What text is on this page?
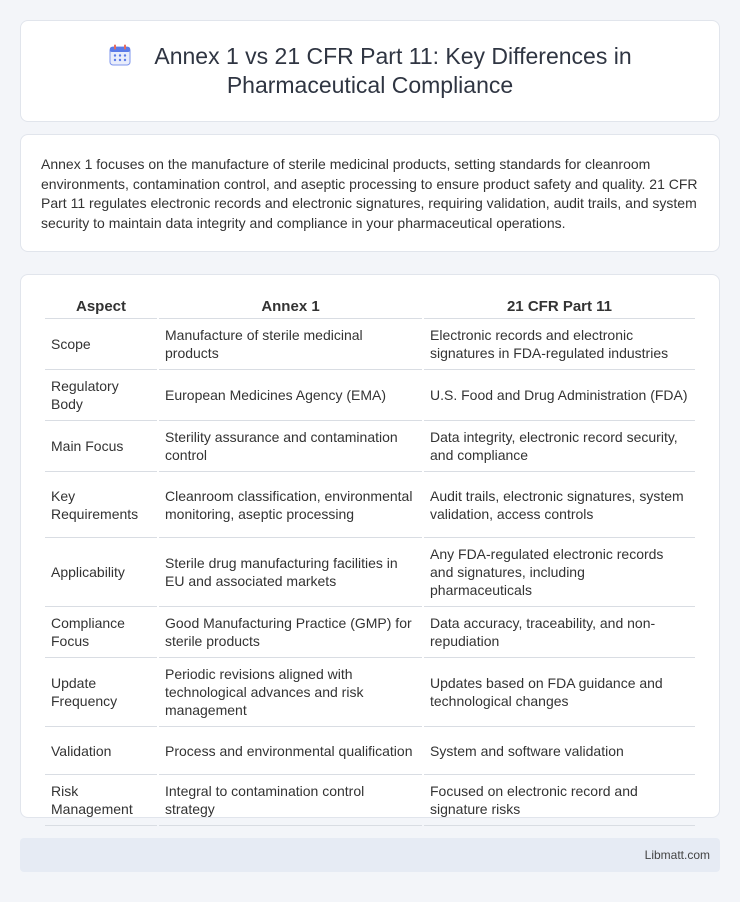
Annex 1 vs 21 CFR Part 11: Key Differences in Pharmaceutical Compliance

Annex 1 focuses on the manufacture of sterile medicinal products, setting standards for cleanroom environments, contamination control, and aseptic processing to ensure product safety and quality. 21 CFR Part 11 regulates electronic records and electronic signatures, requiring validation, audit trails, and system security to maintain data integrity and compliance in your pharmaceutical operations.

Aspect	Annex 1	21 CFR Part 11
Scope	Manufacture of sterile medicinal products	Electronic records and electronic signatures in FDA-regulated industries
Regulatory Body	European Medicines Agency (EMA)	U.S. Food and Drug Administration (FDA)
Main Focus	Sterility assurance and contamination control	Data integrity, electronic record security, and compliance
Key Requirements	Cleanroom classification, environmental monitoring, aseptic processing	Audit trails, electronic signatures, system validation, access controls
Applicability	Sterile drug manufacturing facilities in EU and associated markets	Any FDA-regulated electronic records and signatures, including pharmaceuticals
Compliance Focus	Good Manufacturing Practice (GMP) for sterile products	Data accuracy, traceability, and non-repudiation
Update Frequency	Periodic revisions aligned with technological advances and risk management	Updates based on FDA guidance and technological changes
Validation	Process and environmental qualification	System and software validation
Risk Management	Integral to contamination control strategy	Focused on electronic record and signature risks
Libmatt.com
